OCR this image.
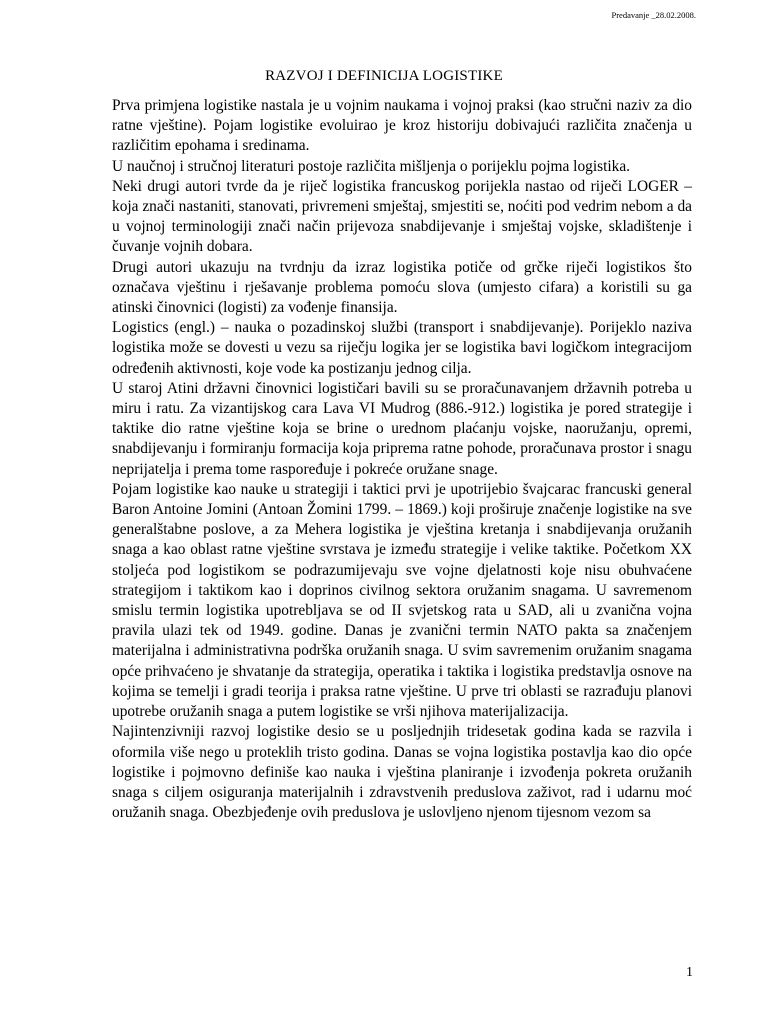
Predavanje _28.02.2008.
RAZVOJ I DEFINICIJA LOGISTIKE

Prva primjena logistike nastala je u vojnim naukama i vojnoj praksi (kao stručni naziv za dio ratne vještine). Pojam logistike evoluirao je kroz historiju dobivajući različita značenja u različitim epohama i sredinama.

U naučnoj i stručnoj literaturi postoje različita mišljenja o porijeklu pojma logistika.

Neki drugi autori tvrde da je riječ logistika francuskog porijekla nastao od riječi LOGER – koja znači nastaniti, stanovati, privremeni smještaj, smjestiti se, noćiti pod vedrim nebom a da u vojnoj terminologiji znači način prijevoza snabdijevanje i smještaj vojske, skladištenje i čuvanje vojnih dobara.

Drugi autori ukazuju na tvrdnju da izraz logistika potiče od grčke riječi logistikos što označava vještinu i rješavanje problema pomoću slova (umjesto cifara) a koristili su ga atinski činovnici (logisti) za vođenje finansija.

Logistics (engl.) – nauka o pozadinskoj službi (transport i snabdijevanje). Porijeklo naziva logistika može se dovesti u vezu sa riječju logika jer se logistika bavi logičkom integracijom određenih aktivnosti, koje vode ka postizanju jednog cilja.

U staroj Atini državni činovnici logističari bavili su se proračunavanjem državnih potreba u miru i ratu. Za vizantijskog cara Lava VI Mudrog (886.-912.) logistika je pored strategije i taktike dio ratne vještine koja se brine o urednom plaćanju vojske, naoružanju, opremi, snabdijevanju i formiranju formacija koja priprema ratne pohode, proračunava prostor i snagu neprijatelja i prema tome raspoređuje i pokreće oružane snage.

Pojam logistike kao nauke u strategiji i taktici prvi je upotrijebio švajcarac francuski general Baron Antoine Jomini (Antoan Žomini 1799. – 1869.) koji proširuje značenje logistike na sve generalštabne poslove, a za Mehera logistika je vještina kretanja i snabdijevanja oružanih snaga a kao oblast ratne vještine svrstava je između strategije i velike taktike. Početkom XX stoljeća pod logistikom se podrazumijevaju sve vojne djelatnosti koje nisu obuhvaćene strategijom i taktikom kao i doprinos civilnog sektora oružanim snagama. U savremenom smislu termin logistika upotrebljava se od II svjetskog rata u SAD, ali u zvanična vojna pravila ulazi tek od 1949. godine. Danas je zvanični termin NATO pakta sa značenjem materijalna i administrativna podrška oružanih snaga. U svim savremenim oružanim snagama opće prihvaćeno je shvatanje da strategija, operatika i taktika i logistika predstavlja osnove na kojima se temelji i gradi teorija i praksa ratne vještine. U prve tri oblasti se razrađuju planovi upotrebe oružanih snaga a putem logistike se vrši njihova materijalizacija.

Najintenzivniji razvoj logistike desio se u posljednjih tridesetak godina kada se razvila i oformila više nego u proteklih tristo godina. Danas se vojna logistika postavlja kao dio opće logistike i pojmovno definiše kao nauka i vještina planiranje i izvođenja pokreta oružanih snaga s ciljem osiguranja materijalnih i zdravstvenih preduslova zaživot, rad i udarnu moć oružanih snaga. Obezbjeđenje ovih preduslova je uslovljeno njenom tijesnom vezom sa

1
